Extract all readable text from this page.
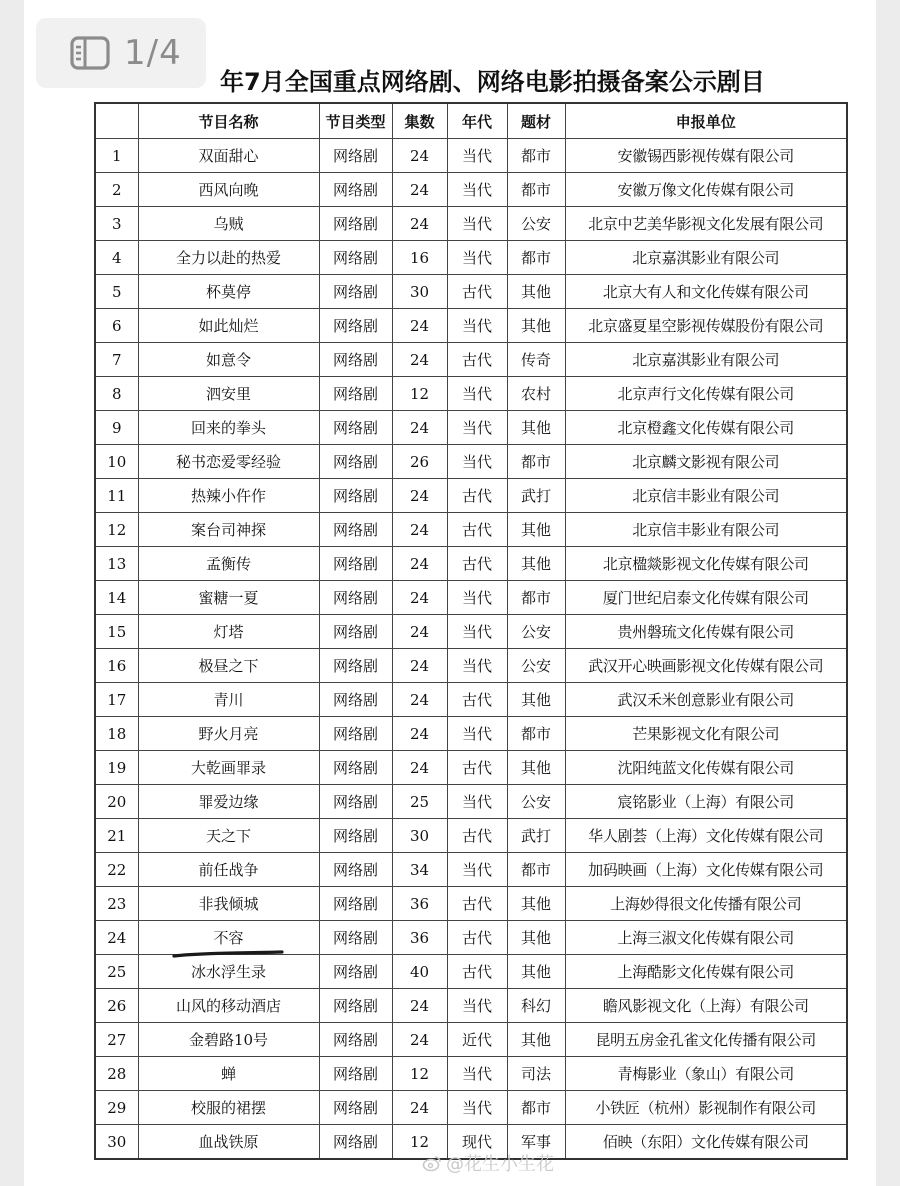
年7月全国重点网络剧、网络电影拍摄备案公示剧目
	节目名称	节目类型	集数	年代	题材	申报单位
1	双面甜心	网络剧	24	当代	都市	安徽锡西影视传媒有限公司
2	西风向晚	网络剧	24	当代	都市	安徽万像文化传媒有限公司
3	乌贼	网络剧	24	当代	公安	北京中艺美华影视文化发展有限公司
4	全力以赴的热爱	网络剧	16	当代	都市	北京嘉淇影业有限公司
5	杯莫停	网络剧	30	古代	其他	北京大有人和文化传媒有限公司
6	如此灿烂	网络剧	24	当代	其他	北京盛夏星空影视传媒股份有限公司
7	如意令	网络剧	24	古代	传奇	北京嘉淇影业有限公司
8	泗安里	网络剧	12	当代	农村	北京声行文化传媒有限公司
9	回来的拳头	网络剧	24	当代	其他	北京橙鑫文化传媒有限公司
10	秘书恋爱零经验	网络剧	26	当代	都市	北京麟文影视有限公司
11	热辣小仵作	网络剧	24	古代	武打	北京信丰影业有限公司
12	案台司神探	网络剧	24	古代	其他	北京信丰影业有限公司
13	孟衡传	网络剧	24	古代	其他	北京楹燚影视文化传媒有限公司
14	蜜糖一夏	网络剧	24	当代	都市	厦门世纪启泰文化传媒有限公司
15	灯塔	网络剧	24	当代	公安	贵州磐琉文化传媒有限公司
16	极昼之下	网络剧	24	当代	公安	武汉开心映画影视文化传媒有限公司
17	青川	网络剧	24	古代	其他	武汉禾米创意影业有限公司
18	野火月亮	网络剧	24	当代	都市	芒果影视文化有限公司
19	大乾画罪录	网络剧	24	古代	其他	沈阳纯蓝文化传媒有限公司
20	罪爱边缘	网络剧	25	当代	公安	宸铭影业（上海）有限公司
21	天之下	网络剧	30	古代	武打	华人剧荟（上海）文化传媒有限公司
22	前任战争	网络剧	34	当代	都市	加码映画（上海）文化传媒有限公司
23	非我倾城	网络剧	36	古代	其他	上海妙得很文化传播有限公司
24	不容	网络剧	36	古代	其他	上海三淑文化传媒有限公司
25	冰水浮生录	网络剧	40	古代	其他	上海酷影文化传媒有限公司
26	山风的移动酒店	网络剧	24	当代	科幻	瞻风影视文化（上海）有限公司
27	金碧路10号	网络剧	24	近代	其他	昆明五房金孔雀文化传播有限公司
28	蝉	网络剧	12	当代	司法	青梅影业（象山）有限公司
29	校服的裙摆	网络剧	24	当代	都市	小铁匠（杭州）影视制作有限公司
30	血战铁原	网络剧	12	现代	军事	佰映（东阳）文化传媒有限公司
@花生小生花
1/4
